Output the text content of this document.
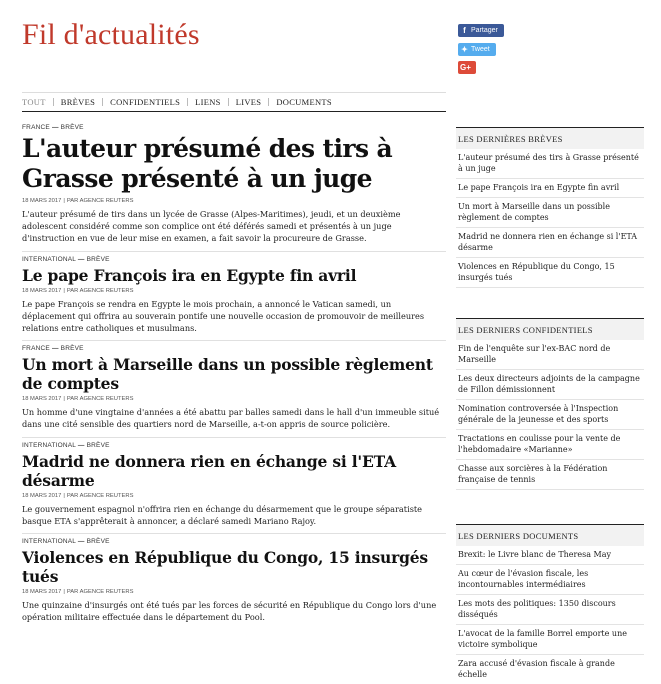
Fil d'actualités	f Partager
✦ Tweet
G+
TOUT	BRÈVES	CONFIDENTIELS	LIENS	LIVES	DOCUMENTS
FRANCE — BRÈVE
L'auteur présumé des tirs à Grasse présenté à un juge
18 MARS 2017 | PAR AGENCE REUTERS

L'auteur présumé de tirs dans un lycée de Grasse (Alpes-Maritimes), jeudi, et un deuxième adolescent considéré comme son complice ont été déférés samedi et présentés à un juge d'instruction en vue de leur mise en examen, a fait savoir la procureure de Grasse.

INTERNATIONAL — BRÈVE
Le pape François ira en Egypte fin avril
18 MARS 2017 | PAR AGENCE REUTERS

Le pape François se rendra en Egypte le mois prochain, a annoncé le Vatican samedi, un déplacement qui offrira au souverain pontife une nouvelle occasion de promouvoir de meilleures relations entre catholiques et musulmans.

FRANCE — BRÈVE
Un mort à Marseille dans un possible règlement de comptes
18 MARS 2017 | PAR AGENCE REUTERS

Un homme d'une vingtaine d'années a été abattu par balles samedi dans le hall d'un immeuble situé dans une cité sensible des quartiers nord de Marseille, a-t-on appris de source policière.

INTERNATIONAL — BRÈVE
Madrid ne donnera rien en échange si l'ETA désarme
18 MARS 2017 | PAR AGENCE REUTERS

Le gouvernement espagnol n'offrira rien en échange du désarmement que le groupe séparatiste basque ETA s'apprêterait à annoncer, a déclaré samedi Mariano Rajoy.

INTERNATIONAL — BRÈVE
Violences en République du Congo, 15 insurgés tués
18 MARS 2017 | PAR AGENCE REUTERS

Une quinzaine d'insurgés ont été tués par les forces de sécurité en République du Congo lors d'une opération militaire effectuée dans le département du Pool.

LES DERNIÈRES BRÈVES
L'auteur présumé des tirs à Grasse présenté à un juge
Le pape François ira en Egypte fin avril
Un mort à Marseille dans un possible règlement de comptes
Madrid ne donnera rien en échange si l'ETA désarme
Violences en République du Congo, 15 insurgés tués
LES DERNIERS CONFIDENTIELS
Fin de l'enquête sur l'ex-BAC nord de Marseille
Les deux directeurs adjoints de la campagne de Fillon démissionnent
Nomination controversée à l'Inspection générale de la jeunesse et des sports
Tractations en coulisse pour la vente de l'hebdomadaire «Marianne»
Chasse aux sorcières à la Fédération française de tennis
LES DERNIERS DOCUMENTS
Brexit: le Livre blanc de Theresa May
Au cœur de l'évasion fiscale, les incontournables intermédiaires
Les mots des politiques: 1350 discours disséqués
L'avocat de la famille Borrel emporte une victoire symbolique
Zara accusé d'évasion fiscale à grande échelle
